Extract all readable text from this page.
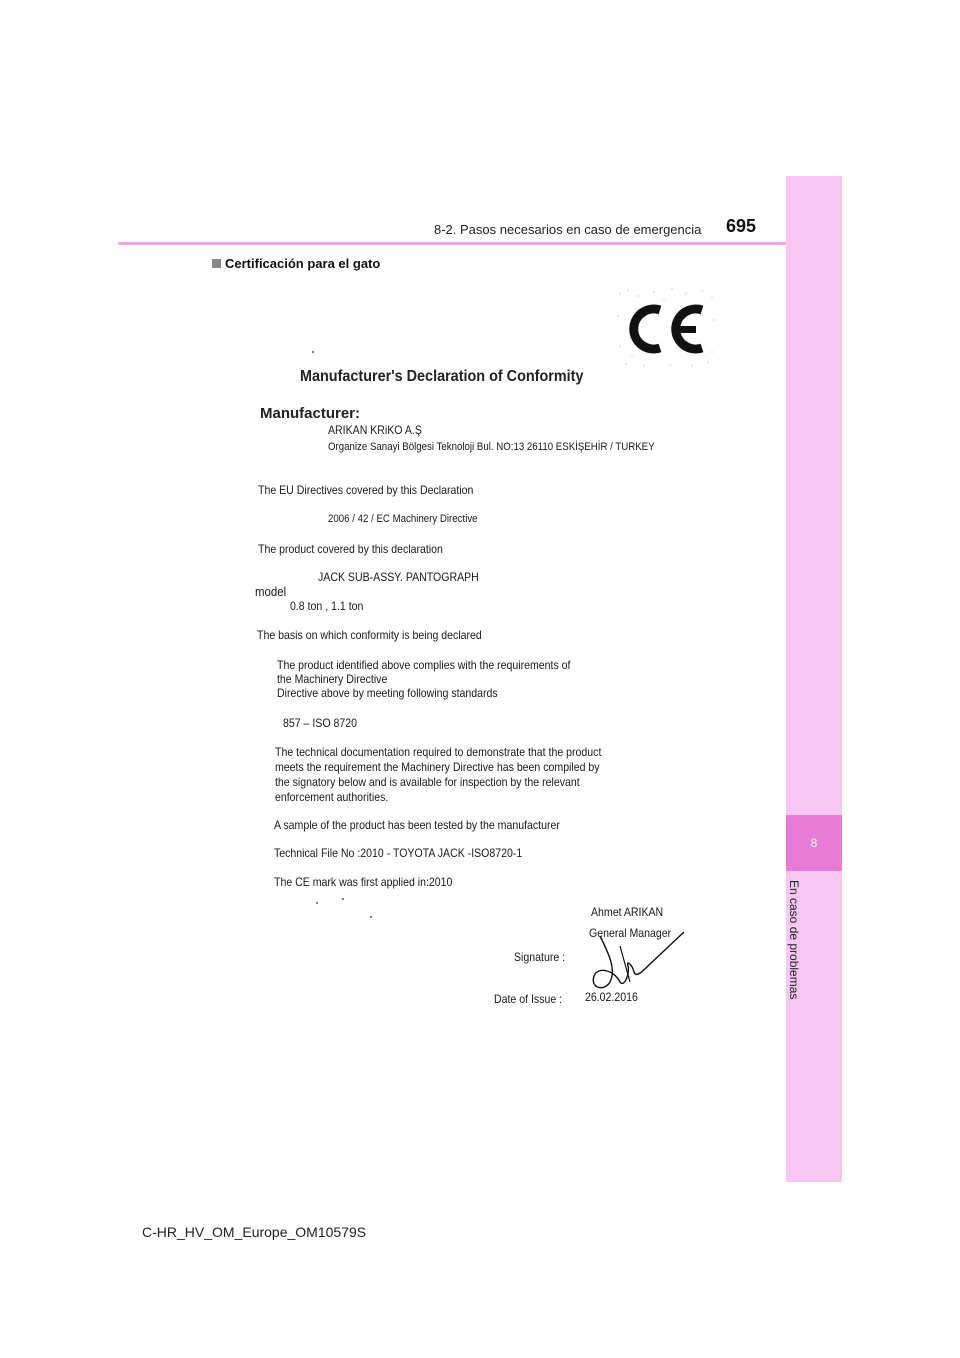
8
En caso de problemas
8-2. Pasos necesarios en caso de emergencia 695
Certificación para el gato
Manufacturer's Declaration of Conformity
Manufacturer:
ARIKAN KRiKO A.Ş
Organize Sanayi Bölgesi Teknoloji Bul. NO:13 26110 ESKİŞEHİR / TURKEY
The EU Directives covered by this Declaration
2006 / 42 / EC Machinery Directive
The product covered by this declaration
JACK SUB-ASSY. PANTOGRAPH
model
0.8 ton , 1.1 ton
The basis on which conformity is being declared
The product identified above complies with the requirements of
the Machinery Directive
Directive above by meeting following standards
857 – ISO 8720
The technical documentation required to demonstrate that the product
meets the requirement the Machinery Directive has been compiled by
the signatory below and is available for inspection by the relevant
enforcement authorities.
A sample of the product has been tested by the manufacturer
Technical File No :2010 - TOYOTA JACK -ISO8720-1
The CE mark was first applied in:2010
Ahmet ARIKAN
General Manager
Signature :
Date of Issue : 26.02.2016
C-HR_HV_OM_Europe_OM10579S
